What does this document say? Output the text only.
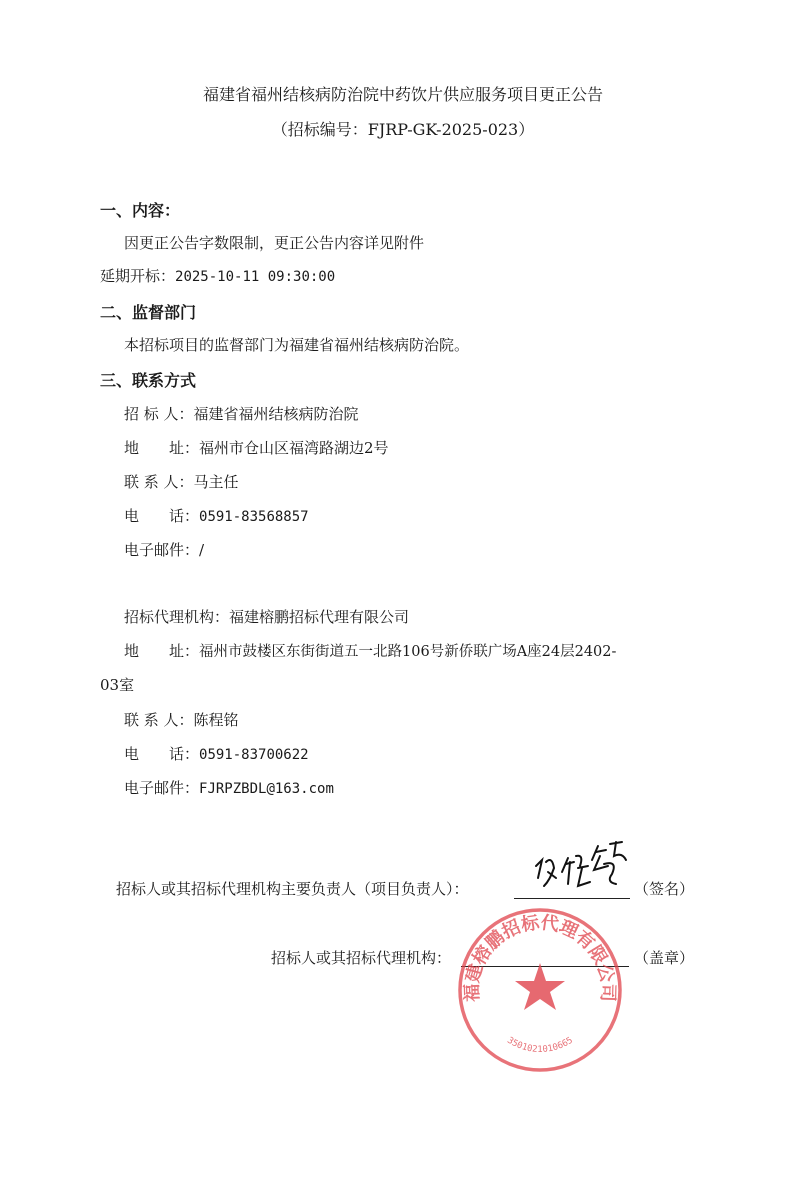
福建省福州结核病防治院中药饮片供应服务项目更正公告
（招标编号：FJRP-GK-2025-023）
一、内容：
因更正公告字数限制，更正公告内容详见附件
延期开标：2025-10-11 09:30:00
二、监督部门
本招标项目的监督部门为福建省福州结核病防治院。
三、联系方式
招 标 人：福建省福州结核病防治院
地　　址：福州市仓山区福湾路湖边2号
联 系 人：马主任
电　　话：0591-83568857
电子邮件：/
招标代理机构：福建榕鹏招标代理有限公司
地　　址：福州市鼓楼区东街街道五一北路106号新侨联广场A座24层2402-
03室
联 系 人：陈程铭
电　　话：0591-83700622
电子邮件：FJRPZBDL@163.com
招标人或其招标代理机构主要负责人（项目负责人）：	（签名）
招标人或其招标代理机构：	（盖章）
福建榕鹏招标代理有限公司
3501021010665
